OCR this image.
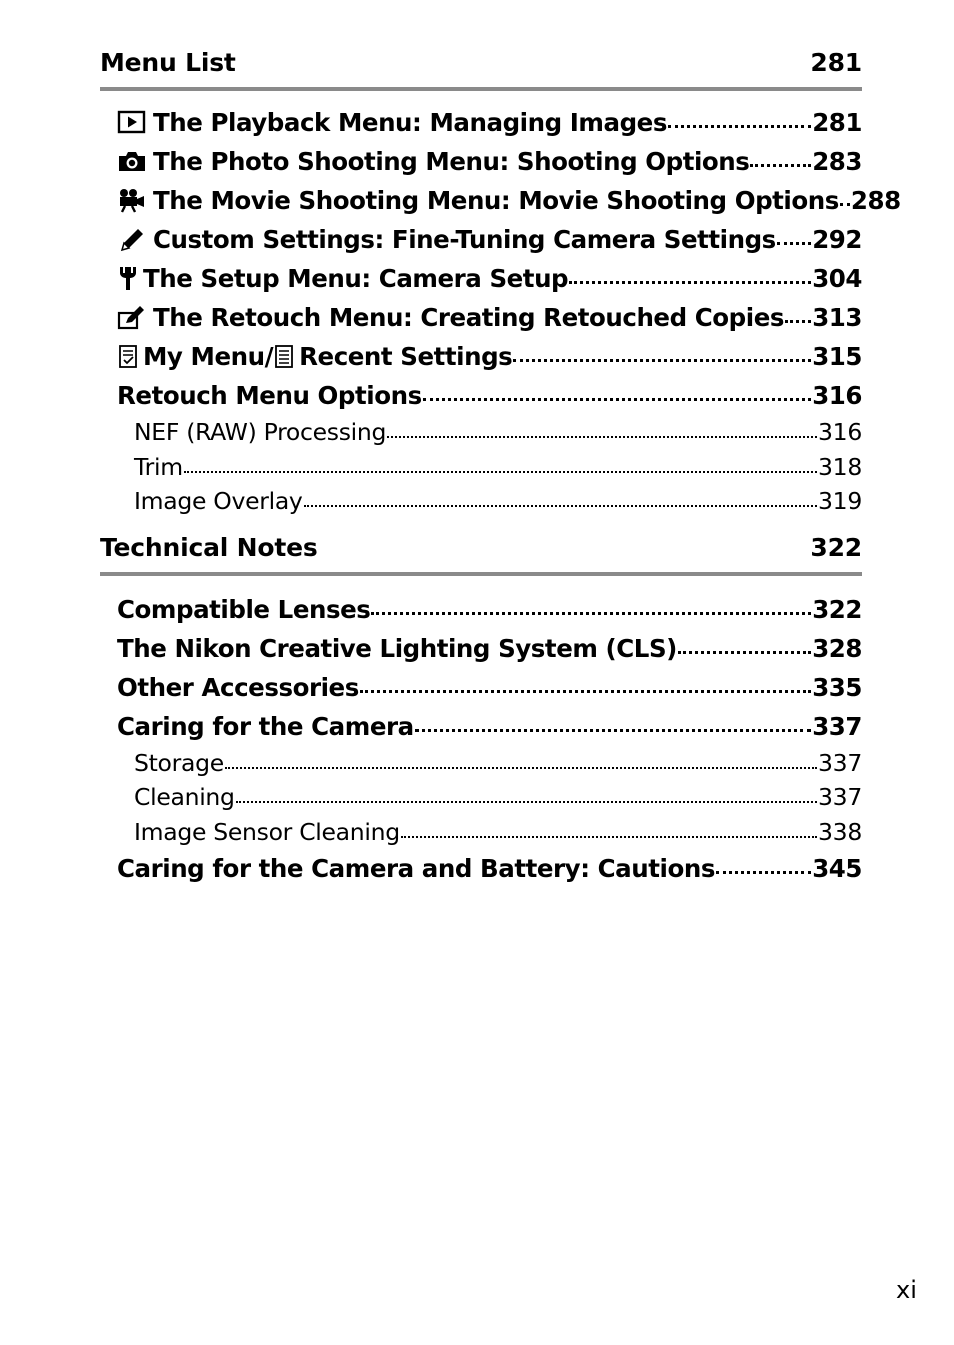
Menu List	281
The Playback Menu: Managing Images	281
The Photo Shooting Menu: Shooting Options	283
The Movie Shooting Menu: Movie Shooting Options 288
Custom Settings: Fine-Tuning Camera Settings 292
The Setup Menu: Camera Setup	304
The Retouch Menu: Creating Retouched Copies 313
My Menu/ Recent Settings	315
Retouch Menu Options	316
NEF (RAW) Processing	316
Trim	318
Image Overlay	319
Technical Notes	322
Compatible Lenses	322
The Nikon Creative Lighting System (CLS)	328
Other Accessories	335
Caring for the Camera	337
Storage	337
Cleaning	337
Image Sensor Cleaning	338
Caring for the Camera and Battery: Cautions	345
xi
